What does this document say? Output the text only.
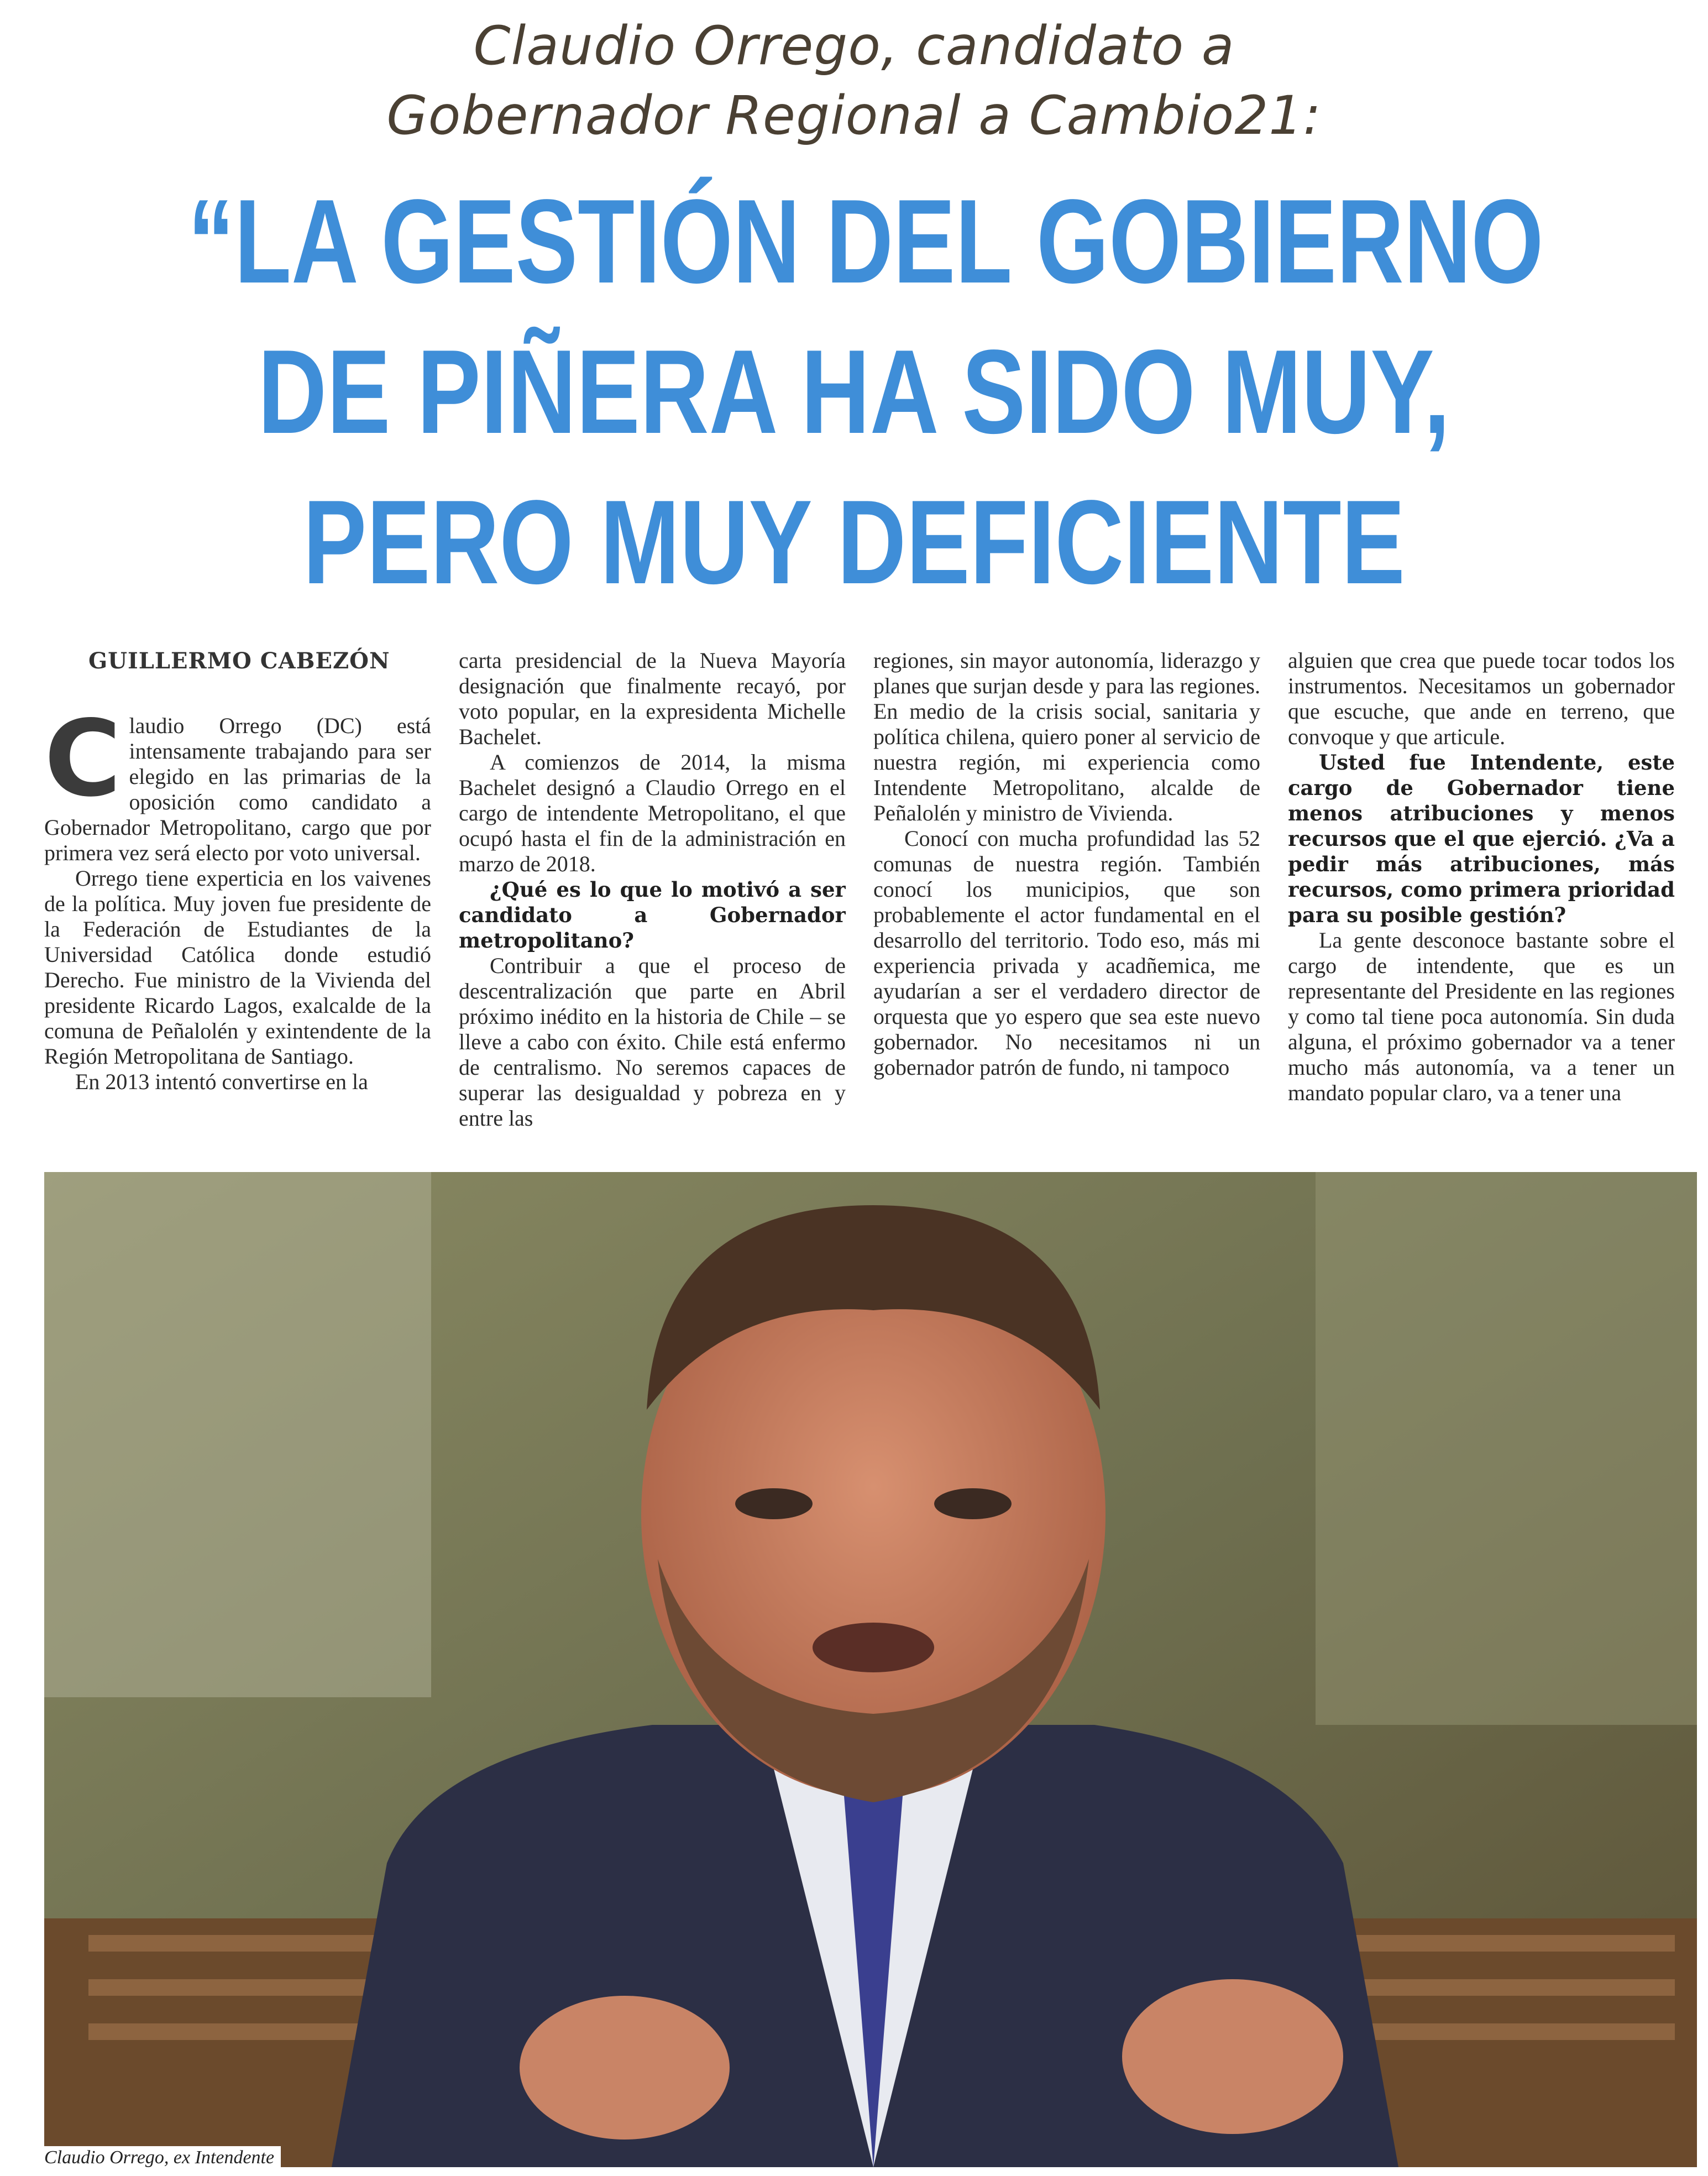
Claudio Orrego, candidato a
Gobernador Regional a Cambio21:
“LA GESTIÓN DEL GOBIERNO
DE PIÑERA HA SIDO MUY,
PERO MUY DEFICIENTE
GUILLERMO CABEZÓN

Claudio Orrego (DC) está intensamente trabajando para ser elegido en las primarias de la oposición como candidato a Gobernador Metropolitano, cargo que por primera vez será electo por voto universal.

Orrego tiene experticia en los vaivenes de la política. Muy joven fue presidente de la Federación de Estudiantes de la Universidad Católica donde estudió Derecho. Fue ministro de la Vivienda del presidente Ricardo Lagos, exalcalde de la comuna de Peñalolén y exintendente de la Región Metropolitana de Santiago.

En 2013 intentó convertirse en la

carta presidencial de la Nueva Mayoría designación que finalmente recayó, por voto popular, en la expresidenta Michelle Bachelet.

A comienzos de 2014, la misma Bachelet designó a Claudio Orrego en el cargo de intendente Metropolitano, el que ocupó hasta el fin de la administración en marzo de 2018.

¿Qué es lo que lo motivó a ser candidato a Gobernador metropolitano?

Contribuir a que el proceso de descentralización que parte en Abril próximo inédito en la historia de Chile – se lleve a cabo con éxito. Chile está enfermo de centralismo. No seremos capaces de superar las desigualdad y pobreza en y entre las

regiones, sin mayor autonomía, liderazgo y planes que surjan desde y para las regiones. En medio de la crisis social, sanitaria y política chilena, quiero poner al servicio de nuestra región, mi experiencia como Intendente Metropolitano, alcalde de Peñalolén y ministro de Vivienda.

Conocí con mucha profundidad las 52 comunas de nuestra región. También conocí los municipios, que son probablemente el actor fundamental en el desarrollo del territorio. Todo eso, más mi experiencia privada y acadñemica, me ayudarían a ser el verdadero director de orquesta que yo espero que sea este nuevo gobernador. No necesitamos ni un gobernador patrón de fundo, ni tampoco

alguien que crea que puede tocar todos los instrumentos. Necesitamos un gobernador que escuche, que ande en terreno, que convoque y que articule.

Usted fue Intendente, este cargo de Gobernador tiene menos atribuciones y menos recursos que el que ejerció. ¿Va a pedir más atribuciones, más recursos, como primera prioridad para su posible gestión?

La gente desconoce bastante sobre el cargo de intendente, que es un representante del Presidente en las regiones y como tal tiene poca autonomía. Sin duda alguna, el próximo gobernador va a tener mucho más autonomía, va a tener un mandato popular claro, va a tener una

Claudio Orrego, ex Intendente
